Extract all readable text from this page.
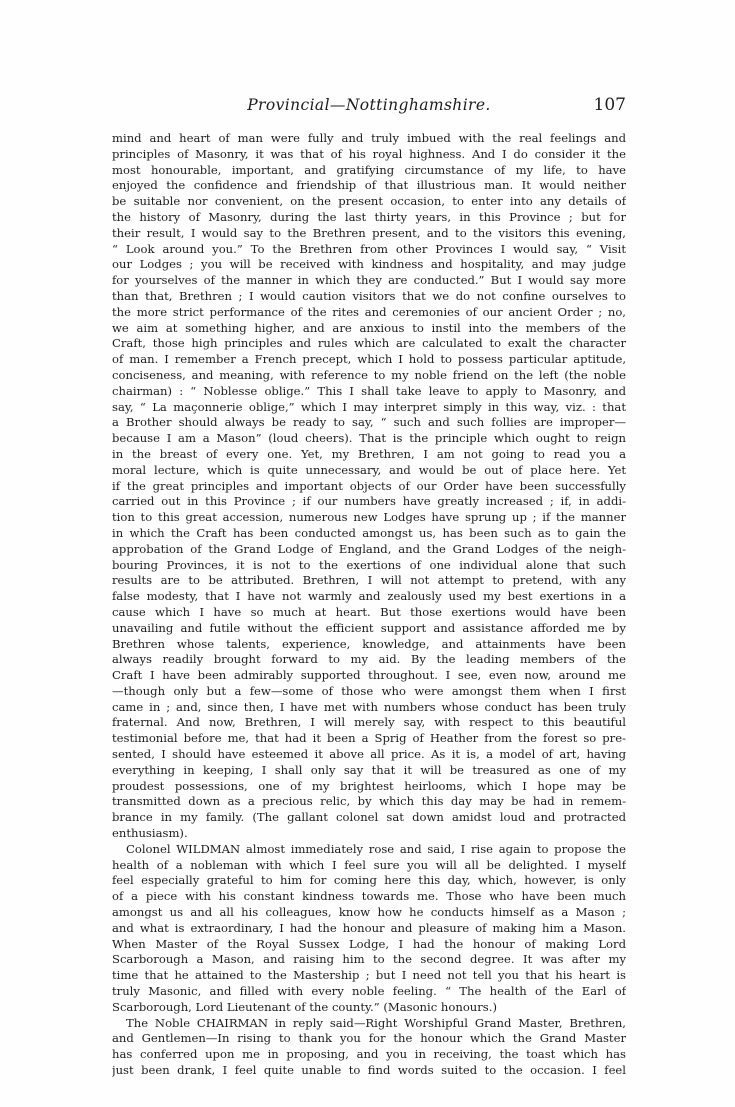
Provincial—Nottinghamshire.	107
mind and heart of man were fully and truly imbued with the real feelings and
principles of Masonry, it was that of his royal highness. And I do consider it the
most honourable, important, and gratifying circumstance of my life, to have
enjoyed the confidence and friendship of that illustrious man. It would neither
be suitable nor convenient, on the present occasion, to enter into any details of
the history of Masonry, during the last thirty years, in this Province ; but for
their result, I would say to the Brethren present, and to the visitors this evening,
“ Look around you.” To the Brethren from other Provinces I would say, “ Visit
our Lodges ; you will be received with kindness and hospitality, and may judge
for yourselves of the manner in which they are conducted.” But I would say more
than that, Brethren ; I would caution visitors that we do not confine ourselves to
the more strict performance of the rites and ceremonies of our ancient Order ; no,
we aim at something higher, and are anxious to instil into the members of the
Craft, those high principles and rules which are calculated to exalt the character
of man. I remember a French precept, which I hold to possess particular aptitude,
conciseness, and meaning, with reference to my noble friend on the left (the noble
chairman) : “ Noblesse oblige.” This I shall take leave to apply to Masonry, and
say, “ La maçonnerie oblige,” which I may interpret simply in this way, viz. : that
a Brother should always be ready to say, “ such and such follies are improper—
because I am a Mason” (loud cheers). That is the principle which ought to reign
in the breast of every one. Yet, my Brethren, I am not going to read you a
moral lecture, which is quite unnecessary, and would be out of place here. Yet
if the great principles and important objects of our Order have been successfully
carried out in this Province ; if our numbers have greatly increased ; if, in addi-
tion to this great accession, numerous new Lodges have sprung up ; if the manner
in which the Craft has been conducted amongst us, has been such as to gain the
approbation of the Grand Lodge of England, and the Grand Lodges of the neigh-
bouring Provinces, it is not to the exertions of one individual alone that such
results are to be attributed. Brethren, I will not attempt to pretend, with any
false modesty, that I have not warmly and zealously used my best exertions in a
cause which I have so much at heart. But those exertions would have been
unavailing and futile without the efficient support and assistance afforded me by
Brethren whose talents, experience, knowledge, and attainments have been
always readily brought forward to my aid. By the leading members of the
Craft I have been admirably supported throughout. I see, even now, around me
—though only but a few—some of those who were amongst them when I first
came in ; and, since then, I have met with numbers whose conduct has been truly
fraternal. And now, Brethren, I will merely say, with respect to this beautiful
testimonial before me, that had it been a Sprig of Heather from the forest so pre-
sented, I should have esteemed it above all price. As it is, a model of art, having
everything in keeping, I shall only say that it will be treasured as one of my
proudest possessions, one of my brightest heirlooms, which I hope may be
transmitted down as a precious relic, by which this day may be had in remem-
brance in my family. (The gallant colonel sat down amidst loud and protracted
enthusiasm).
Colonel WILDMAN almost immediately rose and said, I rise again to propose the
health of a nobleman with which I feel sure you will all be delighted. I myself
feel especially grateful to him for coming here this day, which, however, is only
of a piece with his constant kindness towards me. Those who have been much
amongst us and all his colleagues, know how he conducts himself as a Mason ;
and what is extraordinary, I had the honour and pleasure of making him a Mason.
When Master of the Royal Sussex Lodge, I had the honour of making Lord
Scarborough a Mason, and raising him to the second degree. It was after my
time that he attained to the Mastership ; but I need not tell you that his heart is
truly Masonic, and filled with every noble feeling. “ The health of the Earl of
Scarborough, Lord Lieutenant of the county.” (Masonic honours.)
The Noble CHAIRMAN in reply said—Right Worshipful Grand Master, Brethren,
and Gentlemen—In rising to thank you for the honour which the Grand Master
has conferred upon me in proposing, and you in receiving, the toast which has
just been drank, I feel quite unable to find words suited to the occasion. I feel
